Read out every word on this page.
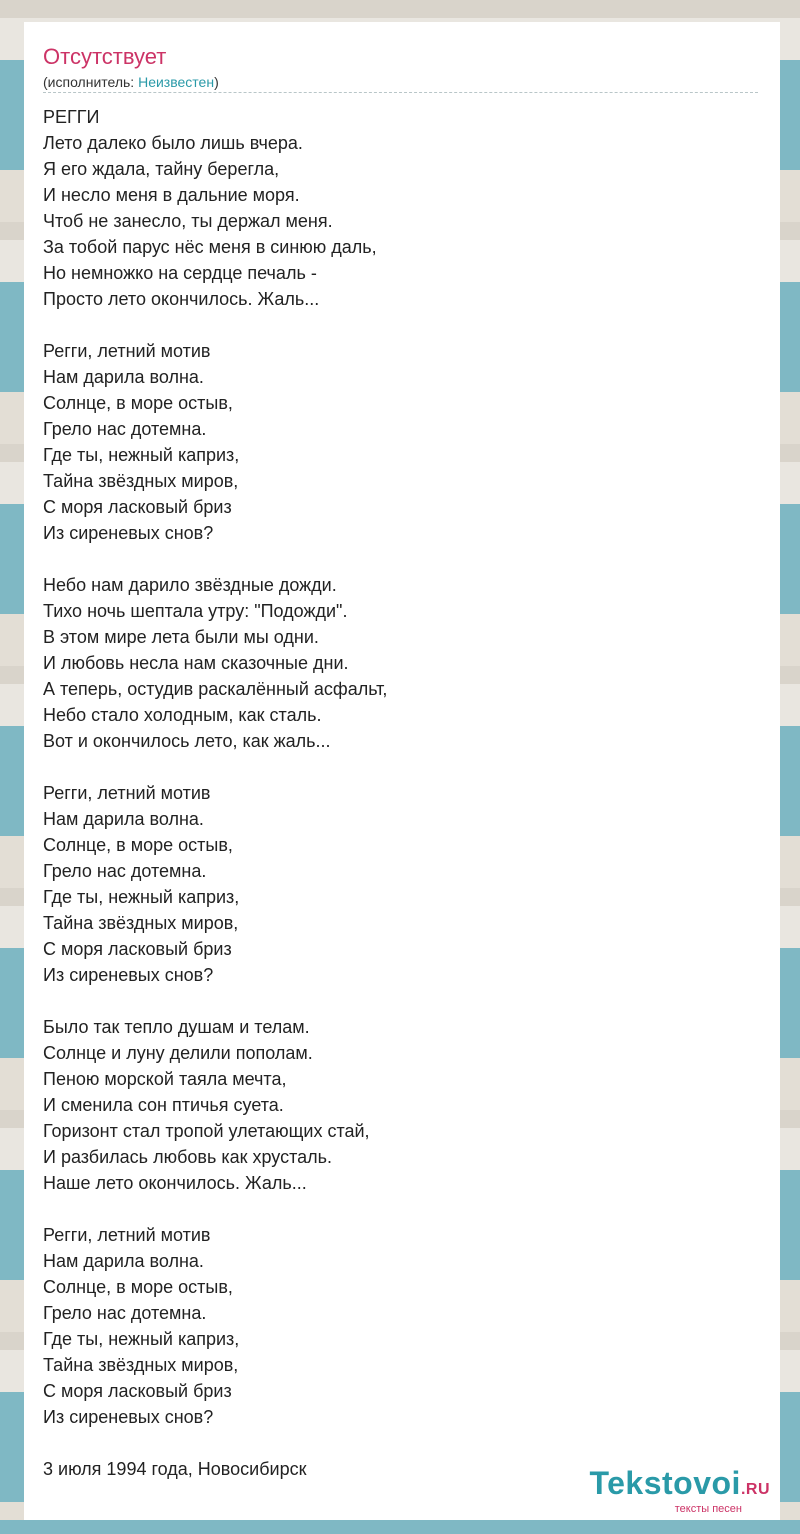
Отсутствует
(исполнитель: Неизвестен)
РЕГГИ
Лето далеко было лишь вчера.
Я его ждала, тайну берегла,
И несло меня в дальние моря.
Чтоб не занесло, ты держал меня.
За тобой парус нёс меня в синюю даль,
Но немножко на сердце печаль -
Просто лето окончилось. Жаль...

Регги, летний мотив
Нам дарила волна.
Солнце, в море остыв,
Грело нас дотемна.
Где ты, нежный каприз,
Тайна звёздных миров,
С моря ласковый бриз
Из сиреневых снов?

Небо нам дарило звёздные дожди.
Тихо ночь шептала утру: "Подожди".
В этом мире лета были мы одни.
И любовь несла нам сказочные дни.
А теперь, остудив раскалённый асфальт,
Небо стало холодным, как сталь.
Вот и окончилось лето, как жаль...

Регги, летний мотив
Нам дарила волна.
Солнце, в море остыв,
Грело нас дотемна.
Где ты, нежный каприз,
Тайна звёздных миров,
С моря ласковый бриз
Из сиреневых снов?

Было так тепло душам и телам.
Солнце и луну делили пополам.
Пеною морской таяла мечта,
И сменила сон птичья суета.
Горизонт стал тропой улетающих стай,
И разбилась любовь как хрусталь.
Наше лето окончилось. Жаль...

Регги, летний мотив
Нам дарила волна.
Солнце, в море остыв,
Грело нас дотемна.
Где ты, нежный каприз,
Тайна звёздных миров,
С моря ласковый бриз
Из сиреневых снов?

3 июля 1994 года, Новосибирск	Tekstovoi.RU
тексты песен
